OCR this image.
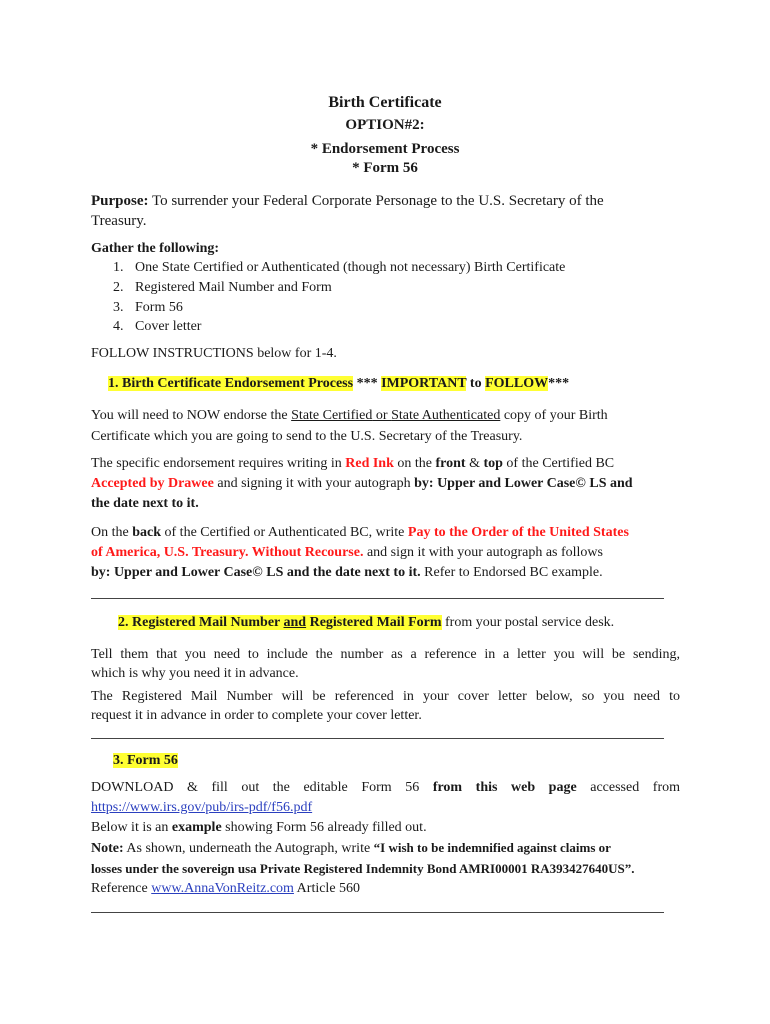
Birth Certificate
OPTION#2:
* Endorsement Process
* Form 56
Purpose: To surrender your Federal Corporate Personage to the U.S. Secretary of the
Treasury.
Gather the following:
1. One State Certified or Authenticated (though not necessary) Birth Certificate
2. Registered Mail Number and Form
3. Form 56
4. Cover letter
FOLLOW INSTRUCTIONS below for 1-4.
1. Birth Certificate Endorsement Process *** IMPORTANT to FOLLOW***
You will need to NOW endorse the State Certified or State Authenticated copy of your Birth
Certificate which you are going to send to the U.S. Secretary of the Treasury.
The specific endorsement requires writing in Red Ink on the front & top of the Certified BC
Accepted by Drawee and signing it with your autograph by: Upper and Lower Case© LS and
the date next to it.
On the back of the Certified or Authenticated BC, write Pay to the Order of the United States
of America, U.S. Treasury. Without Recourse. and sign it with your autograph as follows
by: Upper and Lower Case© LS and the date next to it. Refer to Endorsed BC example.
2. Registered Mail Number and Registered Mail Form from your postal service desk.
Tell them that you need to include the number as a reference in a letter you will be sending,
which is why you need it in advance.
The Registered Mail Number will be referenced in your cover letter below, so you need to
request it in advance in order to complete your cover letter.
3. Form 56
DOWNLOAD & fill out the editable Form 56 from this web page accessed from
https://www.irs.gov/pub/irs-pdf/f56.pdf
Below it is an example showing Form 56 already filled out.
Note: As shown, underneath the Autograph, write “I wish to be indemnified against claims or
losses under the sovereign usa Private Registered Indemnity Bond AMRI00001 RA393427640US”.
Reference www.AnnaVonReitz.com Article 560
